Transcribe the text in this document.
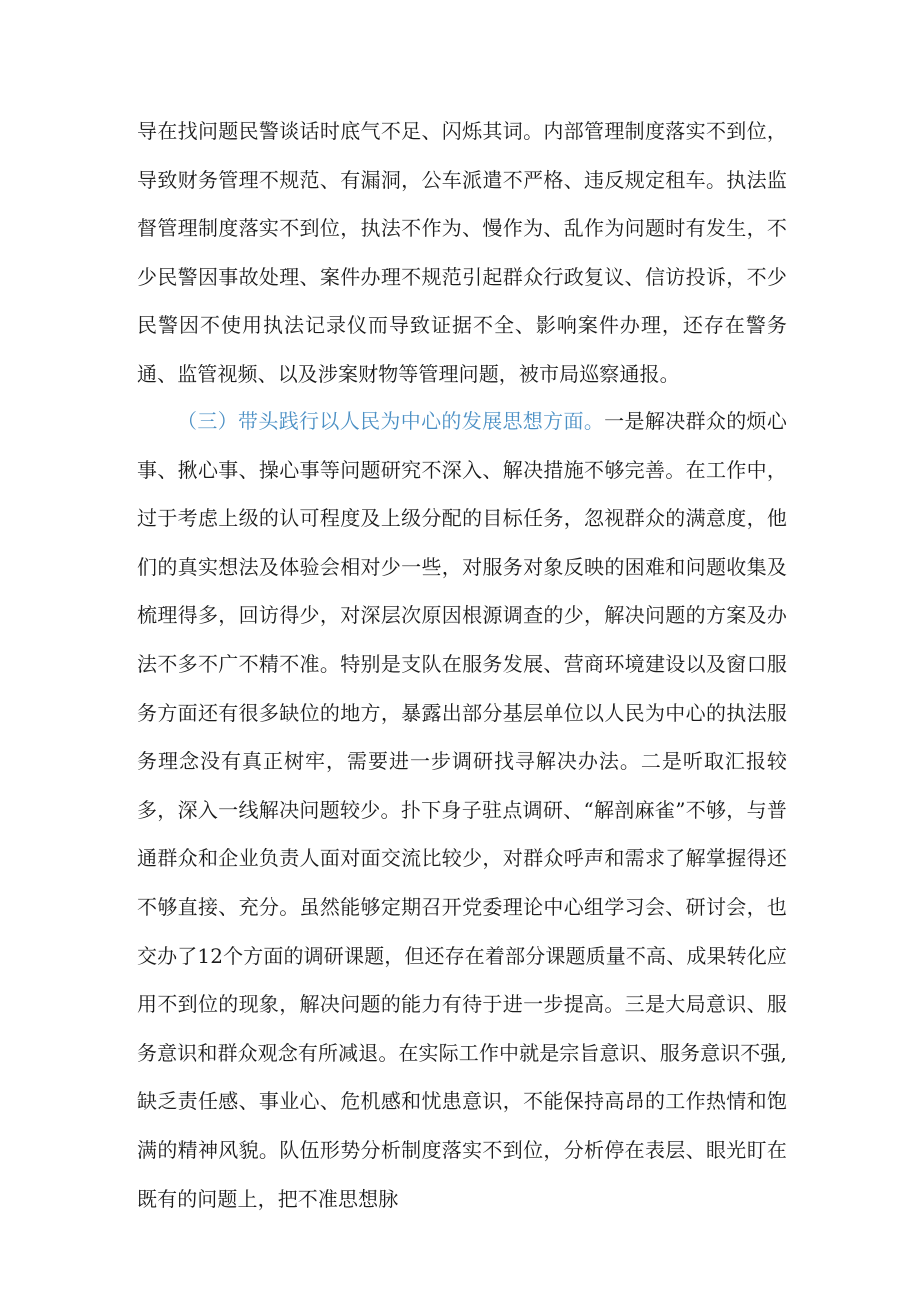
导在找问题民警谈话时底气不足、闪烁其词。内部管理制度落实不到位，导致财务管理不规范、有漏洞，公车派遣不严格、违反规定租车。执法监督管理制度落实不到位，执法不作为、慢作为、乱作为问题时有发生，不少民警因事故处理、案件办理不规范引起群众行政复议、信访投诉，不少民警因不使用执法记录仪而导致证据不全、影响案件办理，还存在警务通、监管视频、以及涉案财物等管理问题，被市局巡察通报。

（三）带头践行以人民为中心的发展思想方面。一是解决群众的烦心事、揪心事、操心事等问题研究不深入、解决措施不够完善。在工作中，过于考虑上级的认可程度及上级分配的目标任务，忽视群众的满意度，他们的真实想法及体验会相对少一些，对服务对象反映的困难和问题收集及梳理得多，回访得少，对深层次原因根源调查的少，解决问题的方案及办法不多不广不精不准。特别是支队在服务发展、营商环境建设以及窗口服务方面还有很多缺位的地方，暴露出部分基层单位以人民为中心的执法服务理念没有真正树牢，需要进一步调研找寻解决办法。二是听取汇报较多，深入一线解决问题较少。扑下身子驻点调研、“解剖麻雀”不够，与普通群众和企业负责人面对面交流比较少，对群众呼声和需求了解掌握得还不够直接、充分。虽然能够定期召开党委理论中心组学习会、研讨会，也交办了12个方面的调研课题，但还存在着部分课题质量不高、成果转化应用不到位的现象，解决问题的能力有待于进一步提高。三是大局意识、服务意识和群众观念有所减退。在实际工作中就是宗旨意识、服务意识不强,缺乏责任感、事业心、危机感和忧患意识，不能保持高昂的工作热情和饱满的精神风貌。队伍形势分析制度落实不到位，分析停在表层、眼光盯在既有的问题上，把不准思想脉
